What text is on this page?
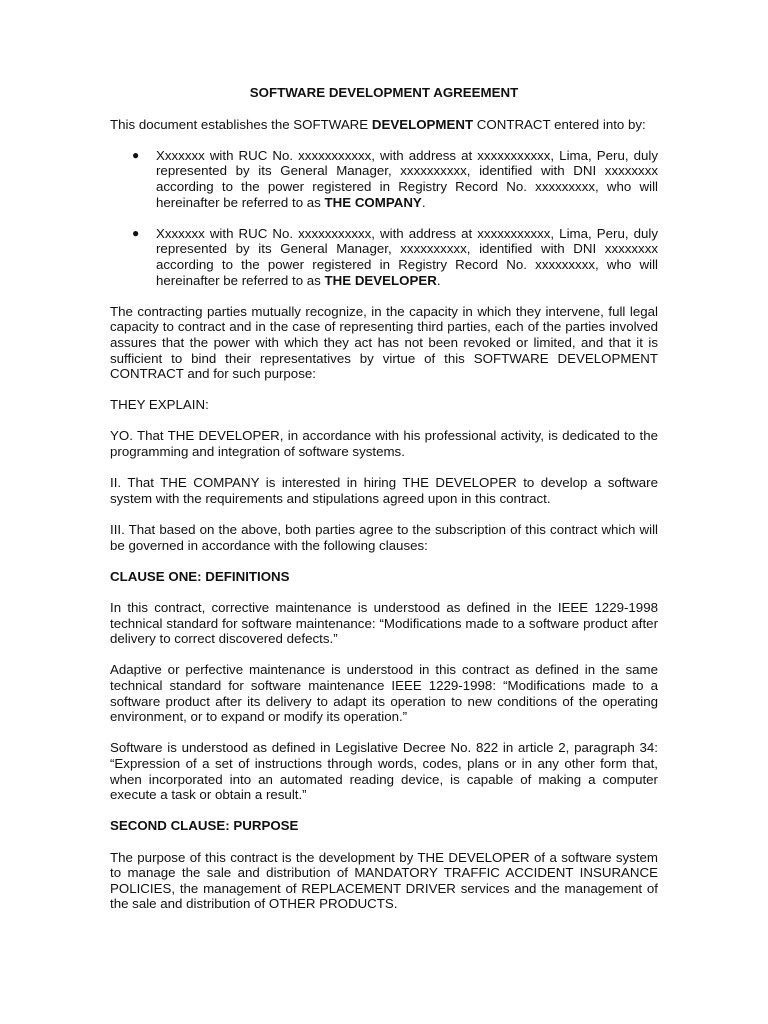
SOFTWARE DEVELOPMENT AGREEMENT

This document establishes the SOFTWARE DEVELOPMENT CONTRACT entered into by:

● Xxxxxxx with RUC No. xxxxxxxxxxx, with address at xxxxxxxxxxx, Lima, Peru, duly represented by its General Manager, xxxxxxxxxx, identified with DNI xxxxxxxx according to the power registered in Registry Record No. xxxxxxxxx, who will hereinafter be referred to as THE COMPANY.
● Xxxxxxx with RUC No. xxxxxxxxxxx, with address at xxxxxxxxxxx, Lima, Peru, duly represented by its General Manager, xxxxxxxxxx, identified with DNI xxxxxxxx according to the power registered in Registry Record No. xxxxxxxxx, who will hereinafter be referred to as THE DEVELOPER.

The contracting parties mutually recognize, in the capacity in which they intervene, full legal capacity to contract and in the case of representing third parties, each of the parties involved assures that the power with which they act has not been revoked or limited, and that it is sufficient to bind their representatives by virtue of this SOFTWARE DEVELOPMENT CONTRACT and for such purpose:

THEY EXPLAIN:

YO. That THE DEVELOPER, in accordance with his professional activity, is dedicated to the programming and integration of software systems.

II. That THE COMPANY is interested in hiring THE DEVELOPER to develop a software system with the requirements and stipulations agreed upon in this contract.

III. That based on the above, both parties agree to the subscription of this contract which will be governed in accordance with the following clauses:

CLAUSE ONE: DEFINITIONS

In this contract, corrective maintenance is understood as defined in the IEEE 1229-1998 technical standard for software maintenance: “Modifications made to a software product after delivery to correct discovered defects.”

Adaptive or perfective maintenance is understood in this contract as defined in the same technical standard for software maintenance IEEE 1229-1998: “Modifications made to a software product after its delivery to adapt its operation to new conditions of the operating environment, or to expand or modify its operation.”

Software is understood as defined in Legislative Decree No. 822 in article 2, paragraph 34: “Expression of a set of instructions through words, codes, plans or in any other form that, when incorporated into an automated reading device, is capable of making a computer execute a task or obtain a result.”

SECOND CLAUSE: PURPOSE

The purpose of this contract is the development by THE DEVELOPER of a software system to manage the sale and distribution of MANDATORY TRAFFIC ACCIDENT INSURANCE POLICIES, the management of REPLACEMENT DRIVER services and the management of the sale and distribution of OTHER PRODUCTS.
